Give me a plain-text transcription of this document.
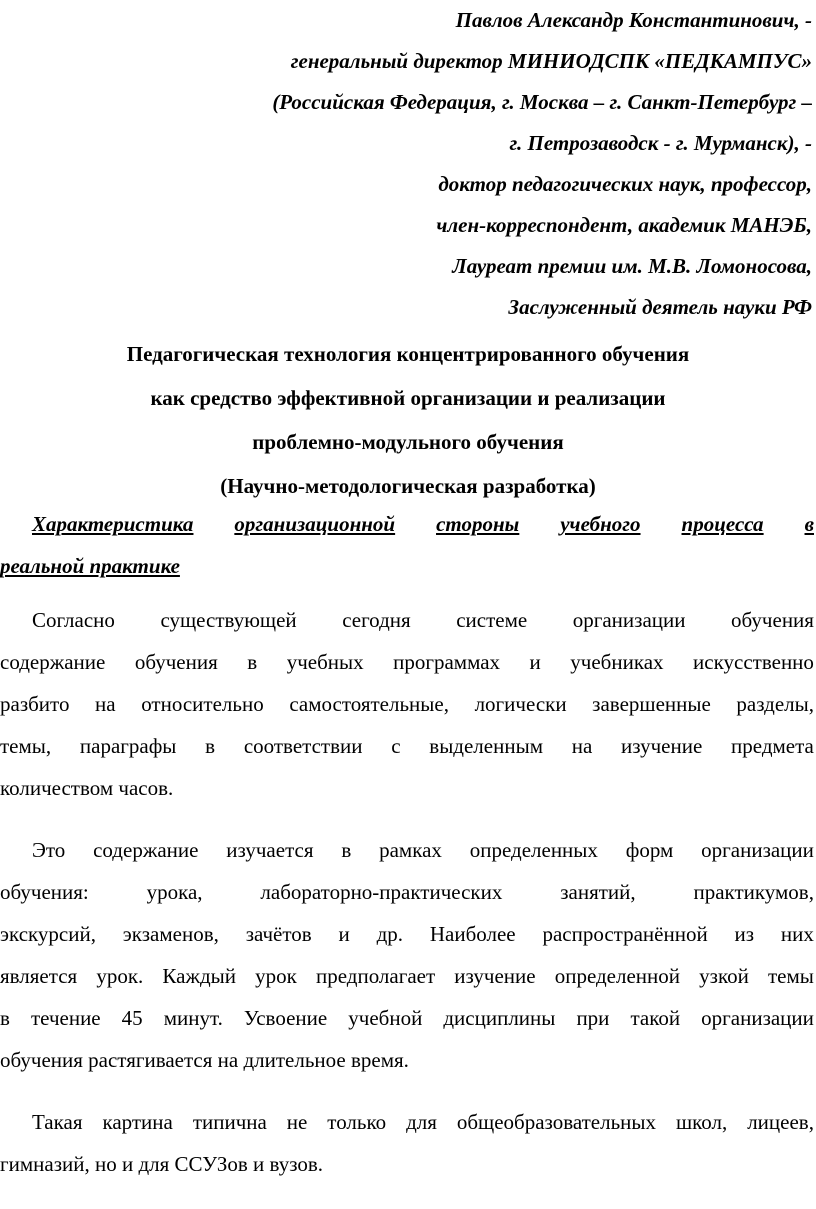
Павлов Александр Константинович, -
генеральный директор МИНИОДСПК «ПЕДКАМПУС»
(Российская Федерация, г. Москва – г. Санкт-Петербург –
г. Петрозаводск - г. Мурманск), -
доктор педагогических наук, профессор,
член-корреспондент, академик МАНЭБ,
Лауреат премии им. М.В. Ломоносова,
Заслуженный деятель науки РФ
Педагогическая технология концентрированного обучения
как средство эффективной организации и реализации
проблемно-модульного обучения
(Научно-методологическая разработка)
Характеристика организационной стороны учебного процесса в
реальной практике
Согласно существующей сегодня системе организации обучения
содержание обучения в учебных программах и учебниках искусственно
разбито на относительно самостоятельные, логически завершенные разделы,
темы, параграфы в соответствии с выделенным на изучение предмета
количеством часов.
Это содержание изучается в рамках определенных форм организации
обучения:	урока,	лабораторно-практических	занятий,	практикумов,
экскурсий, экзаменов, зачётов и др. Наиболее распространённой из них
является урок. Каждый урок предполагает изучение определенной узкой темы
в течение 45 минут. Усвоение учебной дисциплины при такой организации
обучения растягивается на длительное время.
Такая картина типична не только для общеобразовательных школ, лицеев,
гимназий, но и для ССУЗов и вузов.
